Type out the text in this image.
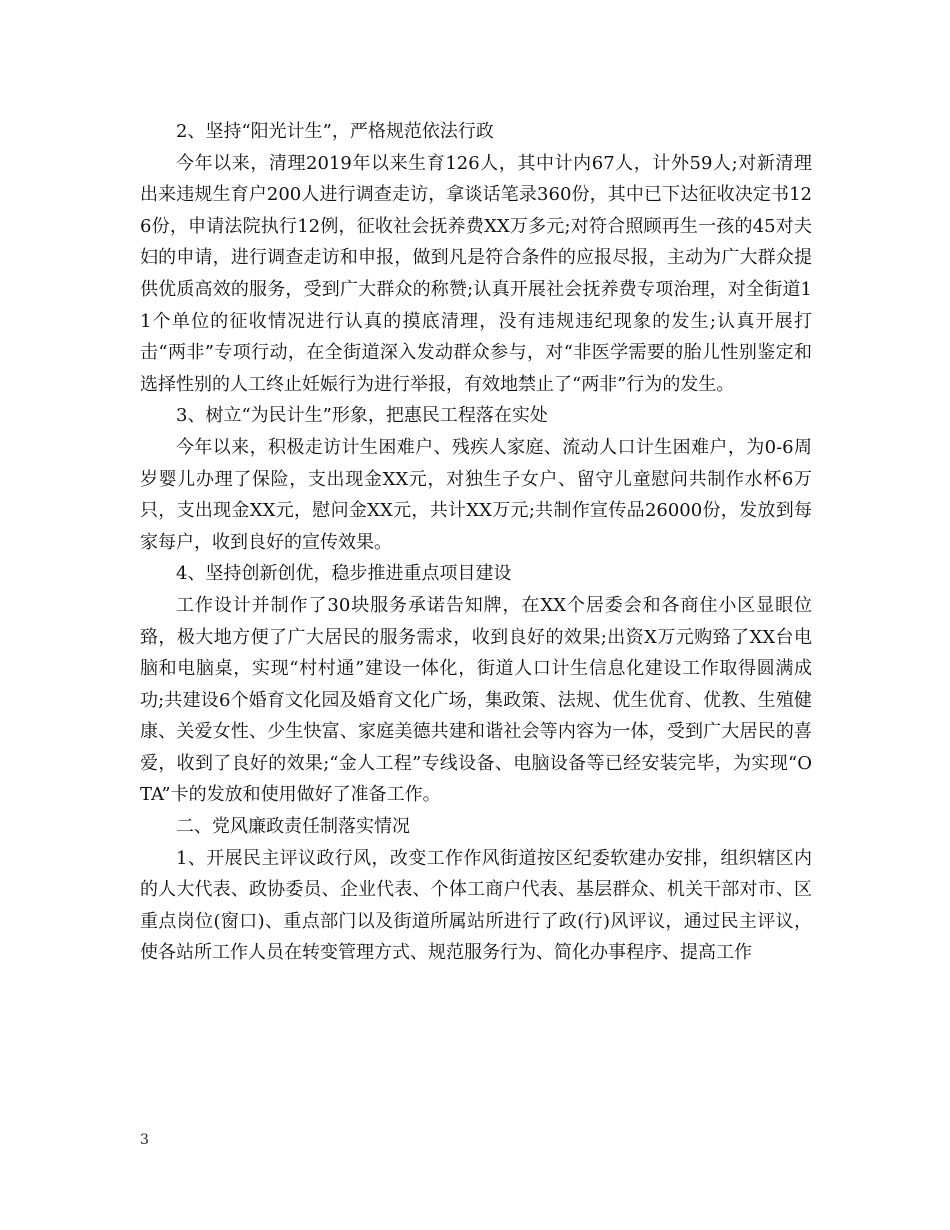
2、坚持“阳光计生”，严格规范依法行政

今年以来，清理2019年以来生育126人，其中计内67人，计外59人;对新清理出来违规生育户200人进行调查走访，拿谈话笔录360份，其中已下达征收决定书126份，申请法院执行12例，征收社会抚养费XX万多元;对符合照顾再生一孩的45对夫妇的申请，进行调查走访和申报，做到凡是符合条件的应报尽报，主动为广大群众提供优质高效的服务，受到广大群众的称赞;认真开展社会抚养费专项治理，对全街道11个单位的征收情况进行认真的摸底清理，没有违规违纪现象的发生;认真开展打击“两非”专项行动，在全街道深入发动群众参与，对“非医学需要的胎儿性别鉴定和选择性别的人工终止妊娠行为进行举报，有效地禁止了“两非”行为的发生。

3、树立“为民计生”形象，把惠民工程落在实处

今年以来，积极走访计生困难户、残疾人家庭、流动人口计生困难户，为0-6周岁婴儿办理了保险，支出现金XX元，对独生子女户、留守儿童慰问共制作水杯6万只，支出现金XX元，慰问金XX元，共计XX万元;共制作宣传品26000份，发放到每家每户，收到良好的宣传效果。

4、坚持创新创优，稳步推进重点项目建设

工作设计并制作了30块服务承诺告知牌，在XX个居委会和各商住小区显眼位臵，极大地方便了广大居民的服务需求，收到良好的效果;出资X万元购臵了XX台电脑和电脑桌，实现“村村通”建设一体化，街道人口计生信息化建设工作取得圆满成功;共建设6个婚育文化园及婚育文化广场，集政策、法规、优生优育、优教、生殖健康、关爱女性、少生快富、家庭美德共建和谐社会等内容为一体，受到广大居民的喜爱，收到了良好的效果;“金人工程”专线设备、电脑设备等已经安装完毕，为实现“OTA”卡的发放和使用做好了准备工作。

二、党风廉政责任制落实情况

1、开展民主评议政行风，改变工作作风街道按区纪委软建办安排，组织辖区内的人大代表、政协委员、企业代表、个体工商户代表、基层群众、机关干部对市、区重点岗位(窗口)、重点部门以及街道所属站所进行了政(行)风评议，通过民主评议，使各站所工作人员在转变管理方式、规范服务行为、简化办事程序、提高工作

3
